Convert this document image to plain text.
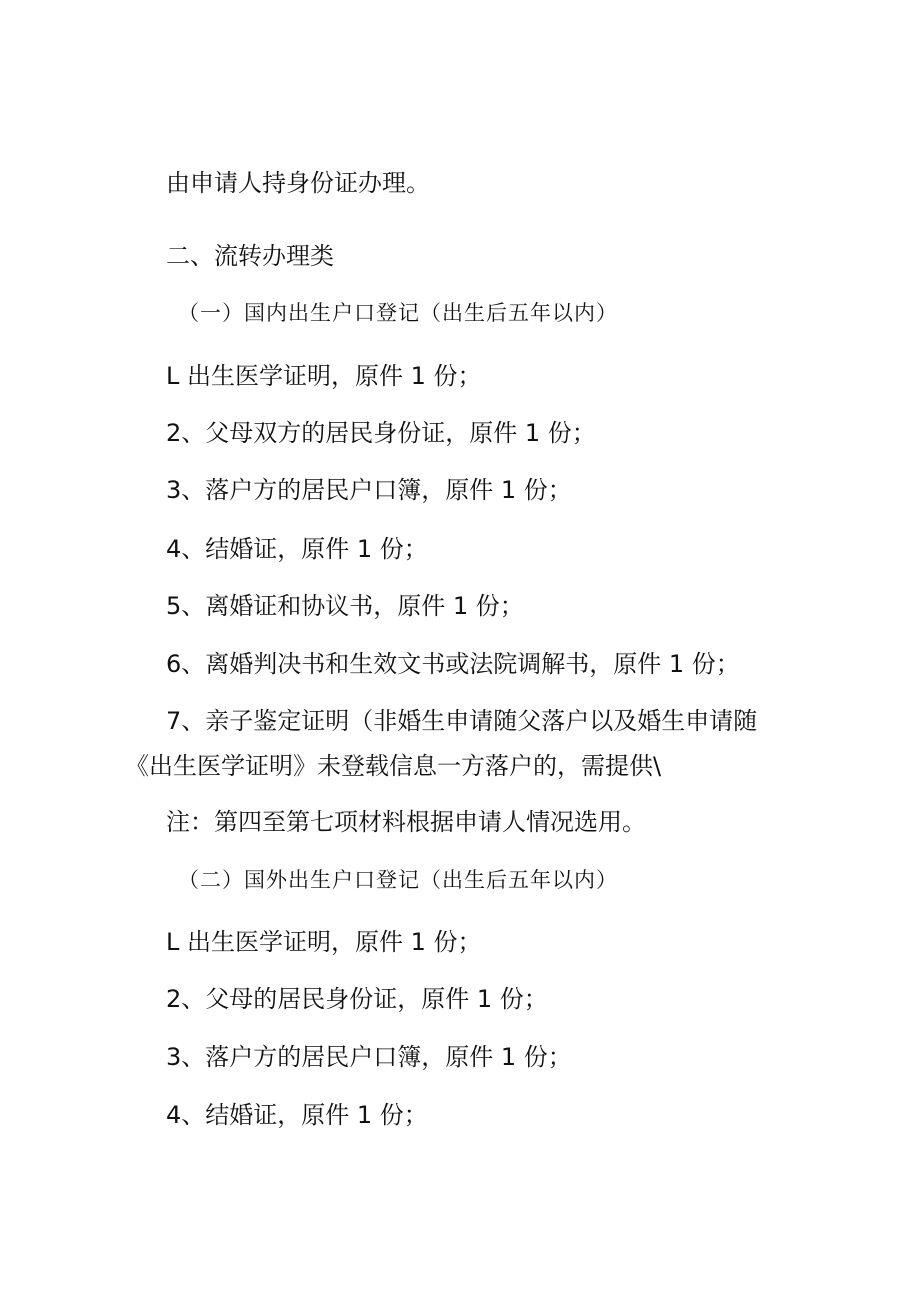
由申请人持身份证办理。
二、流转办理类
（一）国内出生户口登记（出生后五年以内）
L 出生医学证明，原件 1 份；
2、父母双方的居民身份证，原件 1 份；
3、落户方的居民户口簿，原件 1 份；
4、结婚证，原件 1 份；
5、离婚证和协议书，原件 1 份；
6、离婚判决书和生效文书或法院调解书，原件 1 份；
7、亲子鉴定证明（非婚生申请随父落户以及婚生申请随
《出生医学证明》未登载信息一方落户的，需提供\
注：第四至第七项材料根据申请人情况选用。
（二）国外出生户口登记（出生后五年以内）
L 出生医学证明，原件 1 份；
2、父母的居民身份证，原件 1 份；
3、落户方的居民户口簿，原件 1 份；
4、结婚证，原件 1 份；
